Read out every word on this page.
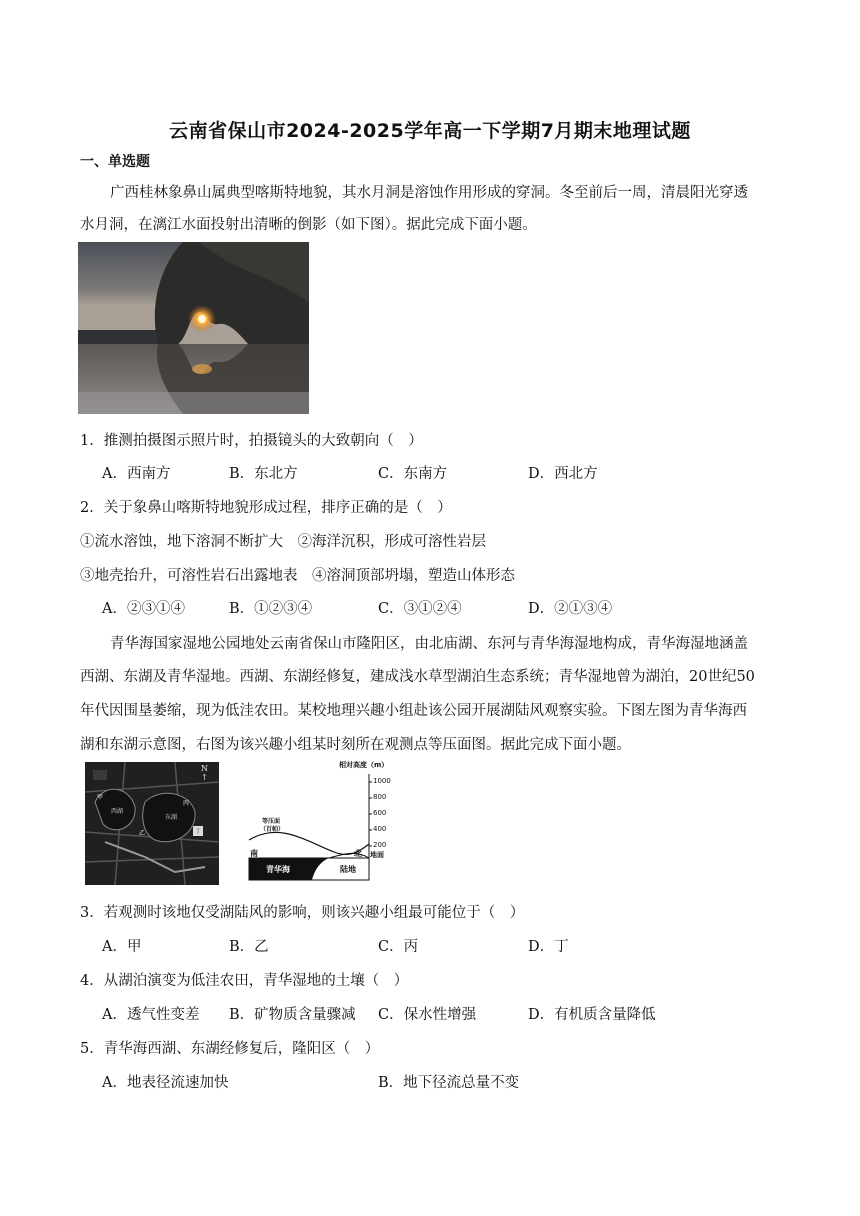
云南省保山市2024-2025学年高一下学期7月期末地理试题
一、单选题
广西桂林象鼻山属典型喀斯特地貌，其水月洞是溶蚀作用形成的穿洞。冬至前后一周，清晨阳光穿透
水月洞，在漓江水面投射出清晰的倒影（如下图）。据此完成下面小题。
1．推测拍摄图示照片时，拍摄镜头的大致朝向（　）
A．西南方	B．东北方	C．东南方	D．西北方
2．关于象鼻山喀斯特地貌形成过程，排序正确的是（　）
①流水溶蚀，地下溶洞不断扩大　②海洋沉积，形成可溶性岩层
③地壳抬升，可溶性岩石出露地表　④溶洞顶部坍塌，塑造山体形态
A．②③①④	B．①②③④	C．③①②④	D．②①③④
青华海国家湿地公园地处云南省保山市隆阳区，由北庙湖、东河与青华海湿地构成，青华海湿地涵盖
西湖、东湖及青华湿地。西湖、东湖经修复，建成浅水草型湖泊生态系统；青华湿地曾为湖泊，20世纪50
年代因围垦萎缩，现为低洼农田。某校地理兴趣小组赴该公园开展湖陆风观察实验。下图左图为青华海西
湖和东湖示意图，右图为该兴趣小组某时刻所在观测点等压面图。据此完成下面小题。
N
↑
西湖
东湖
甲
乙
丙
丁
相对高度（m）
1000
800
600
400
200
等压面
（百帕）
南	北 地面
青华海	陆地
3．若观测时该地仅受湖陆风的影响，则该兴趣小组最可能位于（　）
A．甲	B．乙	C．丙	D．丁
4．从湖泊演变为低洼农田，青华湿地的土壤（　）
A．透气性变差 B．矿物质含量骤减 C．保水性增强	D．有机质含量降低
5．青华海西湖、东湖经修复后，隆阳区（　）
A．地表径流速加快	B．地下径流总量不变
